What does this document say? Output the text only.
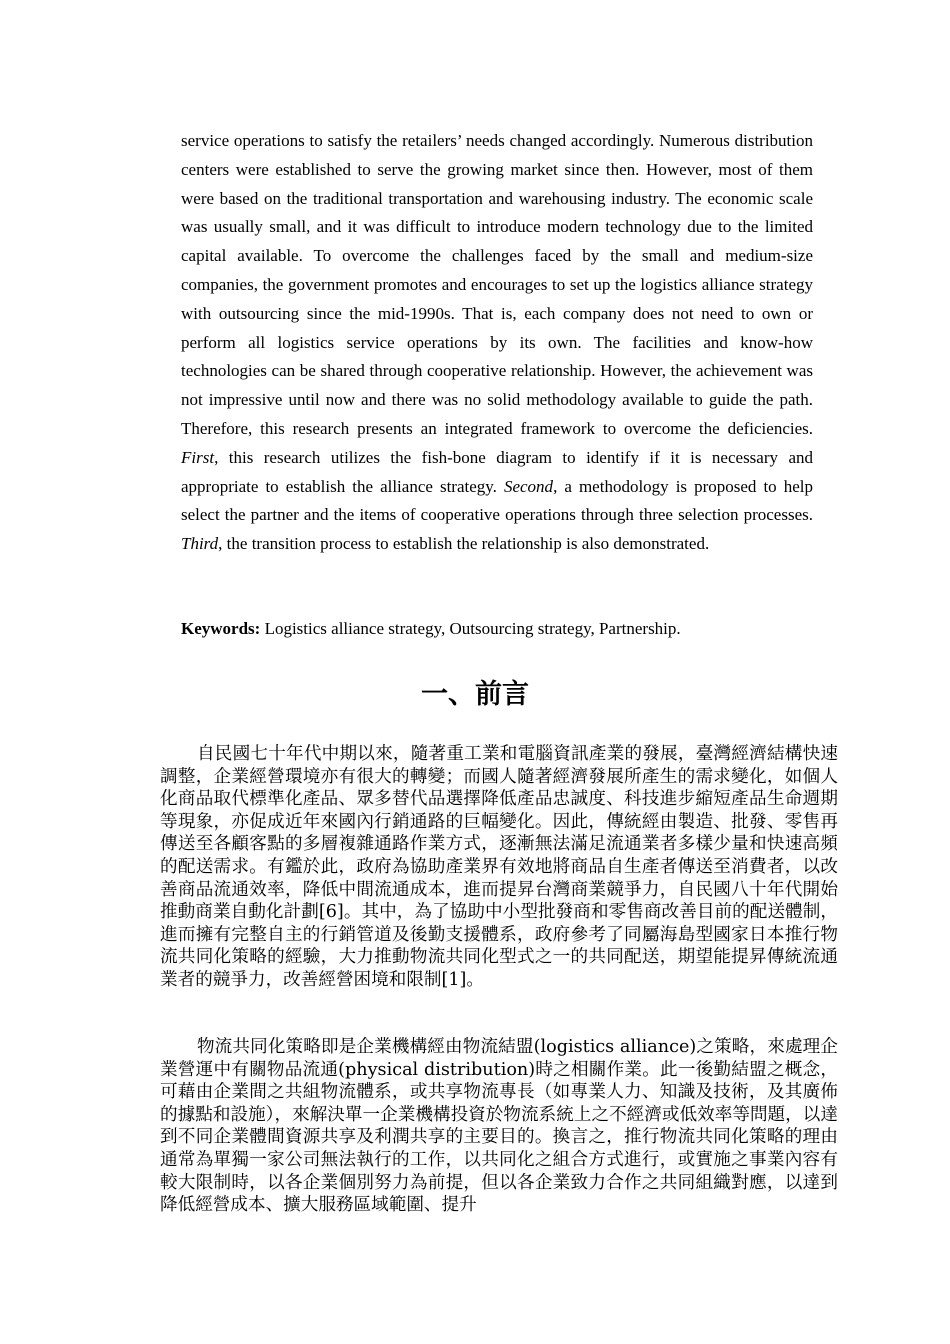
service operations to satisfy the retailers’ needs changed accordingly. Numerous distribution centers were established to serve the growing market since then. However, most of them were based on the traditional transportation and warehousing industry. The economic scale was usually small, and it was difficult to introduce modern technology due to the limited capital available. To overcome the challenges faced by the small and medium-size companies, the government promotes and encourages to set up the logistics alliance strategy with outsourcing since the mid-1990s. That is, each company does not need to own or perform all logistics service operations by its own. The facilities and know-how technologies can be shared through cooperative relationship. However, the achievement was not impressive until now and there was no solid methodology available to guide the path. Therefore, this research presents an integrated framework to overcome the deficiencies. First, this research utilizes the fish-bone diagram to identify if it is necessary and appropriate to establish the alliance strategy. Second, a methodology is proposed to help select the partner and the items of cooperative operations through three selection processes. Third, the transition process to establish the relationship is also demonstrated.

Keywords: Logistics alliance strategy, Outsourcing strategy, Partnership.

一、前言

自民國七十年代中期以來，隨著重工業和電腦資訊產業的發展，臺灣經濟結構快速調整，企業經營環境亦有很大的轉變；而國人隨著經濟發展所產生的需求變化，如個人化商品取代標準化產品、眾多替代品選擇降低產品忠誠度、科技進步縮短產品生命週期等現象，亦促成近年來國內行銷通路的巨幅變化。因此，傳統經由製造、批發、零售再傳送至各顧客點的多層複雜通路作業方式，逐漸無法滿足流通業者多樣少量和快速高頻的配送需求。有鑑於此，政府為協助產業界有效地將商品自生產者傳送至消費者，以改善商品流通效率，降低中間流通成本，進而提昇台灣商業競爭力，自民國八十年代開始推動商業自動化計劃[6]。其中，為了協助中小型批發商和零售商改善目前的配送體制，進而擁有完整自主的行銷管道及後勤支援體系，政府參考了同屬海島型國家日本推行物流共同化策略的經驗，大力推動物流共同化型式之一的共同配送，期望能提昇傳統流通業者的競爭力，改善經營困境和限制[1]。

物流共同化策略即是企業機構經由物流結盟(logistics alliance)之策略，來處理企業營運中有關物品流通(physical distribution)時之相關作業。此一後勤結盟之概念，可藉由企業間之共組物流體系，或共享物流專長（如專業人力、知識及技術，及其廣佈的據點和設施），來解決單一企業機構投資於物流系統上之不經濟或低效率等問題，以達到不同企業體間資源共享及利潤共享的主要目的。換言之，推行物流共同化策略的理由通常為單獨一家公司無法執行的工作，以共同化之組合方式進行，或實施之事業內容有較大限制時，以各企業個別努力為前提，但以各企業致力合作之共同組織對應，以達到降低經營成本、擴大服務區域範圍、提升
